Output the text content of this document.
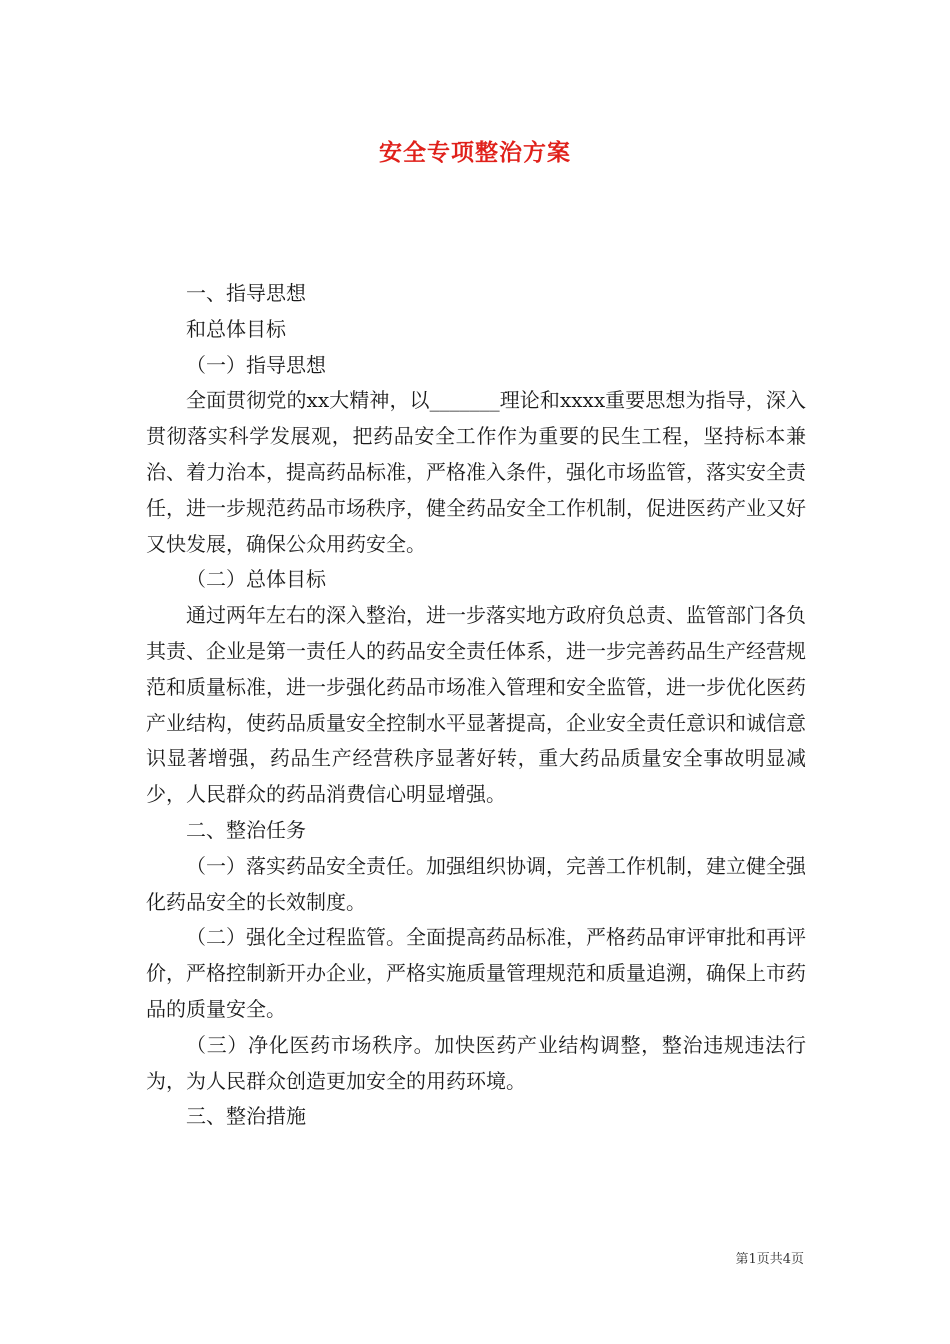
安全专项整治方案

一、指导思想

和总体目标

（一）指导思想

全面贯彻党的xx大精神，以_______理论和xxxx重要思想为指导，深入贯彻落实科学发展观，把药品安全工作作为重要的民生工程，坚持标本兼治、着力治本，提高药品标准，严格准入条件，强化市场监管，落实安全责任，进一步规范药品市场秩序，健全药品安全工作机制，促进医药产业又好又快发展，确保公众用药安全。

（二）总体目标

通过两年左右的深入整治，进一步落实地方政府负总责、监管部门各负其责、企业是第一责任人的药品安全责任体系，进一步完善药品生产经营规范和质量标准，进一步强化药品市场准入管理和安全监管，进一步优化医药产业结构，使药品质量安全控制水平显著提高，企业安全责任意识和诚信意识显著增强，药品生产经营秩序显著好转，重大药品质量安全事故明显减少，人民群众的药品消费信心明显增强。

二、整治任务

（一）落实药品安全责任。加强组织协调，完善工作机制，建立健全强化药品安全的长效制度。

（二）强化全过程监管。全面提高药品标准，严格药品审评审批和再评价，严格控制新开办企业，严格实施质量管理规范和质量追溯，确保上市药品的质量安全。

（三）净化医药市场秩序。加快医药产业结构调整，整治违规违法行为，为人民群众创造更加安全的用药环境。

三、整治措施

第1页共4页
